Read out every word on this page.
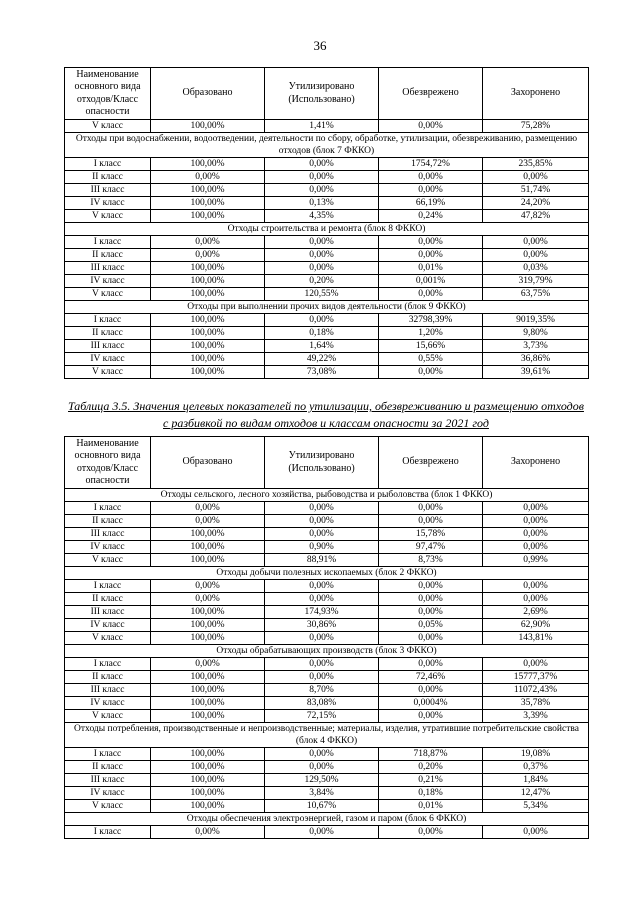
36
Наименование основного вида отходов/Класс опасности	Образовано	Утилизировано (Использовано)	Обезврежено	Захоронено
V класс	100,00%	1,41%	0,00%	75,28%
Отходы при водоснабжении, водоотведении, деятельности по сбору, обработке, утилизации, обезвреживанию, размещению отходов (блок 7 ФККО)				
I класс	100,00%	0,00%	1754,72%	235,85%
II класс	0,00%	0,00%	0,00%	0,00%
III класс	100,00%	0,00%	0,00%	51,74%
IV класс	100,00%	0,13%	66,19%	24,20%
V класс	100,00%	4,35%	0,24%	47,82%
Отходы строительства и ремонта (блок 8 ФККО)				
I класс	0,00%	0,00%	0,00%	0,00%
II класс	0,00%	0,00%	0,00%	0,00%
III класс	100,00%	0,00%	0,01%	0,03%
IV класс	100,00%	0,20%	0,001%	319,79%
V класс	100,00%	120,55%	0,00%	63,75%
Отходы при выполнении прочих видов деятельности (блок 9 ФККО)				
I класс	100,00%	0,00%	32798,39%	9019,35%
II класс	100,00%	0,18%	1,20%	9,80%
III класс	100,00%	1,64%	15,66%	3,73%
IV класс	100,00%	49,22%	0,55%	36,86%
V класс	100,00%	73,08%	0,00%	39,61%
Таблица 3.5. Значения целевых показателей по утилизации, обезвреживанию и размещению отходов с разбивкой по видам отходов и классам опасности за 2021 год
Наименование основного вида отходов/Класс опасности	Образовано	Утилизировано (Использовано)	Обезврежено	Захоронено
Отходы сельского, лесного хозяйства, рыбоводства и рыболовства (блок 1 ФККО)				
I класс	0,00%	0,00%	0,00%	0,00%
II класс	0,00%	0,00%	0,00%	0,00%
III класс	100,00%	0,00%	15,78%	0,00%
IV класс	100,00%	0,90%	97,47%	0,00%
V класс	100,00%	88,91%	8,73%	0,99%
Отходы добычи полезных ископаемых (блок 2 ФККО)				
I класс	0,00%	0,00%	0,00%	0,00%
II класс	0,00%	0,00%	0,00%	0,00%
III класс	100,00%	174,93%	0,00%	2,69%
IV класс	100,00%	30,86%	0,05%	62,90%
V класс	100,00%	0,00%	0,00%	143,81%
Отходы обрабатывающих производств (блок 3 ФККО)				
I класс	0,00%	0,00%	0,00%	0,00%
II класс	100,00%	0,00%	72,46%	15777,37%
III класс	100,00%	8,70%	0,00%	11072,43%
IV класс	100,00%	83,08%	0,0004%	35,78%
V класс	100,00%	72,15%	0,00%	3,39%
Отходы потребления, производственные и непроизводственные; материалы, изделия, утратившие потребительские свойства (блок 4 ФККО)				
I класс	100,00%	0,00%	718,87%	19,08%
II класс	100,00%	0,00%	0,20%	0,37%
III класс	100,00%	129,50%	0,21%	1,84%
IV класс	100,00%	3,84%	0,18%	12,47%
V класс	100,00%	10,67%	0,01%	5,34%
Отходы обеспечения электроэнергией, газом и паром (блок 6 ФККО)				
I класс	0,00%	0,00%	0,00%	0,00%
